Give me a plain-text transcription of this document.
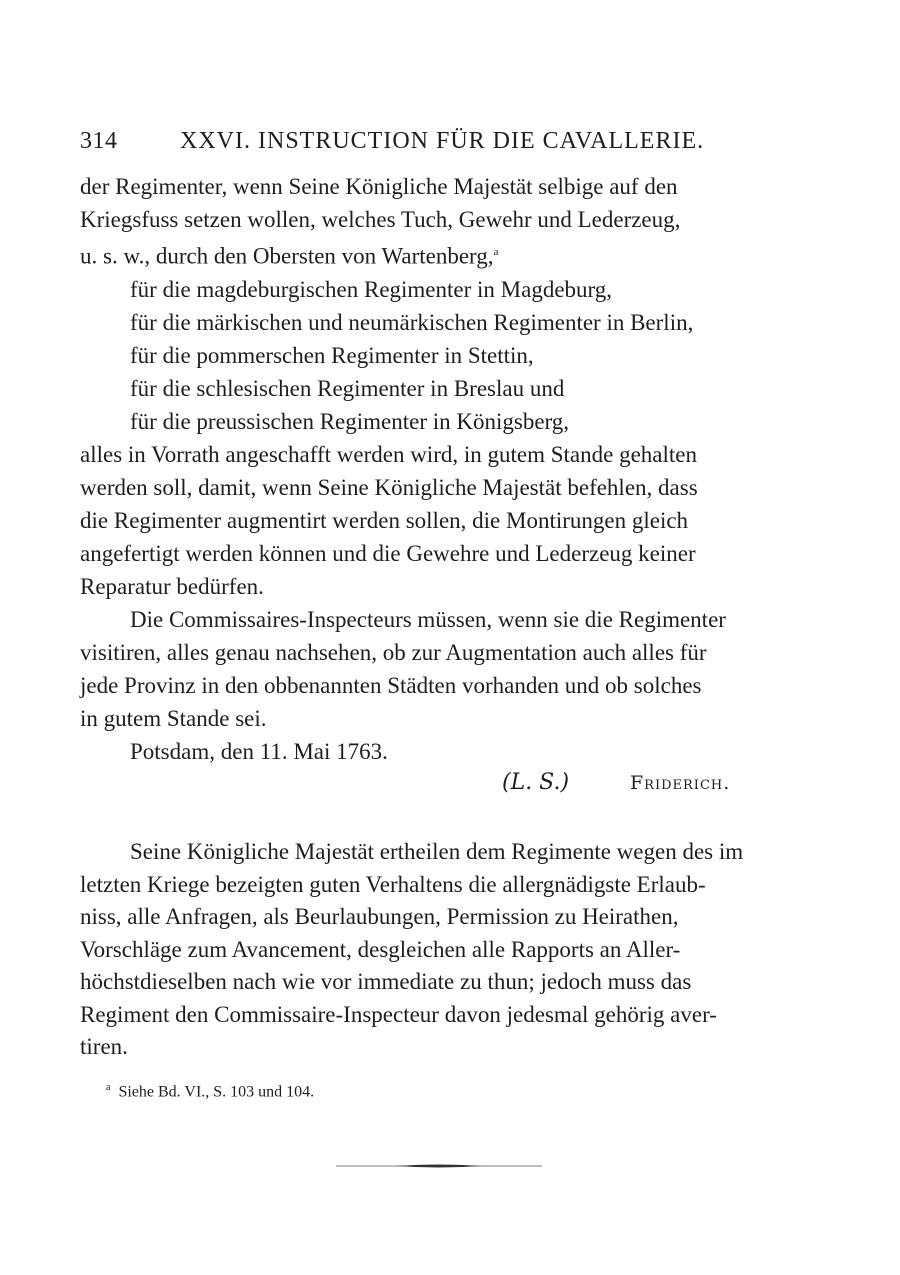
314	XXVI. INSTRUCTION FÜR DIE CAVALLERIE.
der Regimenter, wenn Seine Königliche Majestät selbige auf den
Kriegsfuss setzen wollen, welches Tuch, Gewehr und Lederzeug,
u. s. w., durch den Obersten von Wartenberg,$^a$
für die magdeburgischen Regimenter in Magdeburg,
für die märkischen und neumärkischen Regimenter in Berlin,
für die pommerschen Regimenter in Stettin,
für die schlesischen Regimenter in Breslau und
für die preussischen Regimenter in Königsberg,
alles in Vorrath angeschafft werden wird, in gutem Stande gehalten
werden soll, damit, wenn Seine Königliche Majestät befehlen, dass
die Regimenter augmentirt werden sollen, die Montirungen gleich
angefertigt werden können und die Gewehre und Lederzeug keiner
Reparatur bedürfen.
Die Commissaires-Inspecteurs müssen, wenn sie die Regimenter
visitiren, alles genau nachsehen, ob zur Augmentation auch alles für
jede Provinz in den obbenannten Städten vorhanden und ob solches
in gutem Stande sei.
Potsdam, den 11. Mai 1763.
(L. S.)	Friderich.
Seine Königliche Majestät ertheilen dem Regimente wegen des im
letzten Kriege bezeigten guten Verhaltens die allergnädigste Erlaub-
niss, alle Anfragen, als Beurlaubungen, Permission zu Heirathen,
Vorschläge zum Avancement, desgleichen alle Rapports an Aller-
höchstdieselben nach wie vor immediate zu thun; jedoch muss das
Regiment den Commissaire-Inspecteur davon jedesmal gehörig aver-
tiren.
$^a$ Siehe Bd. VI., S. 103 und 104.
